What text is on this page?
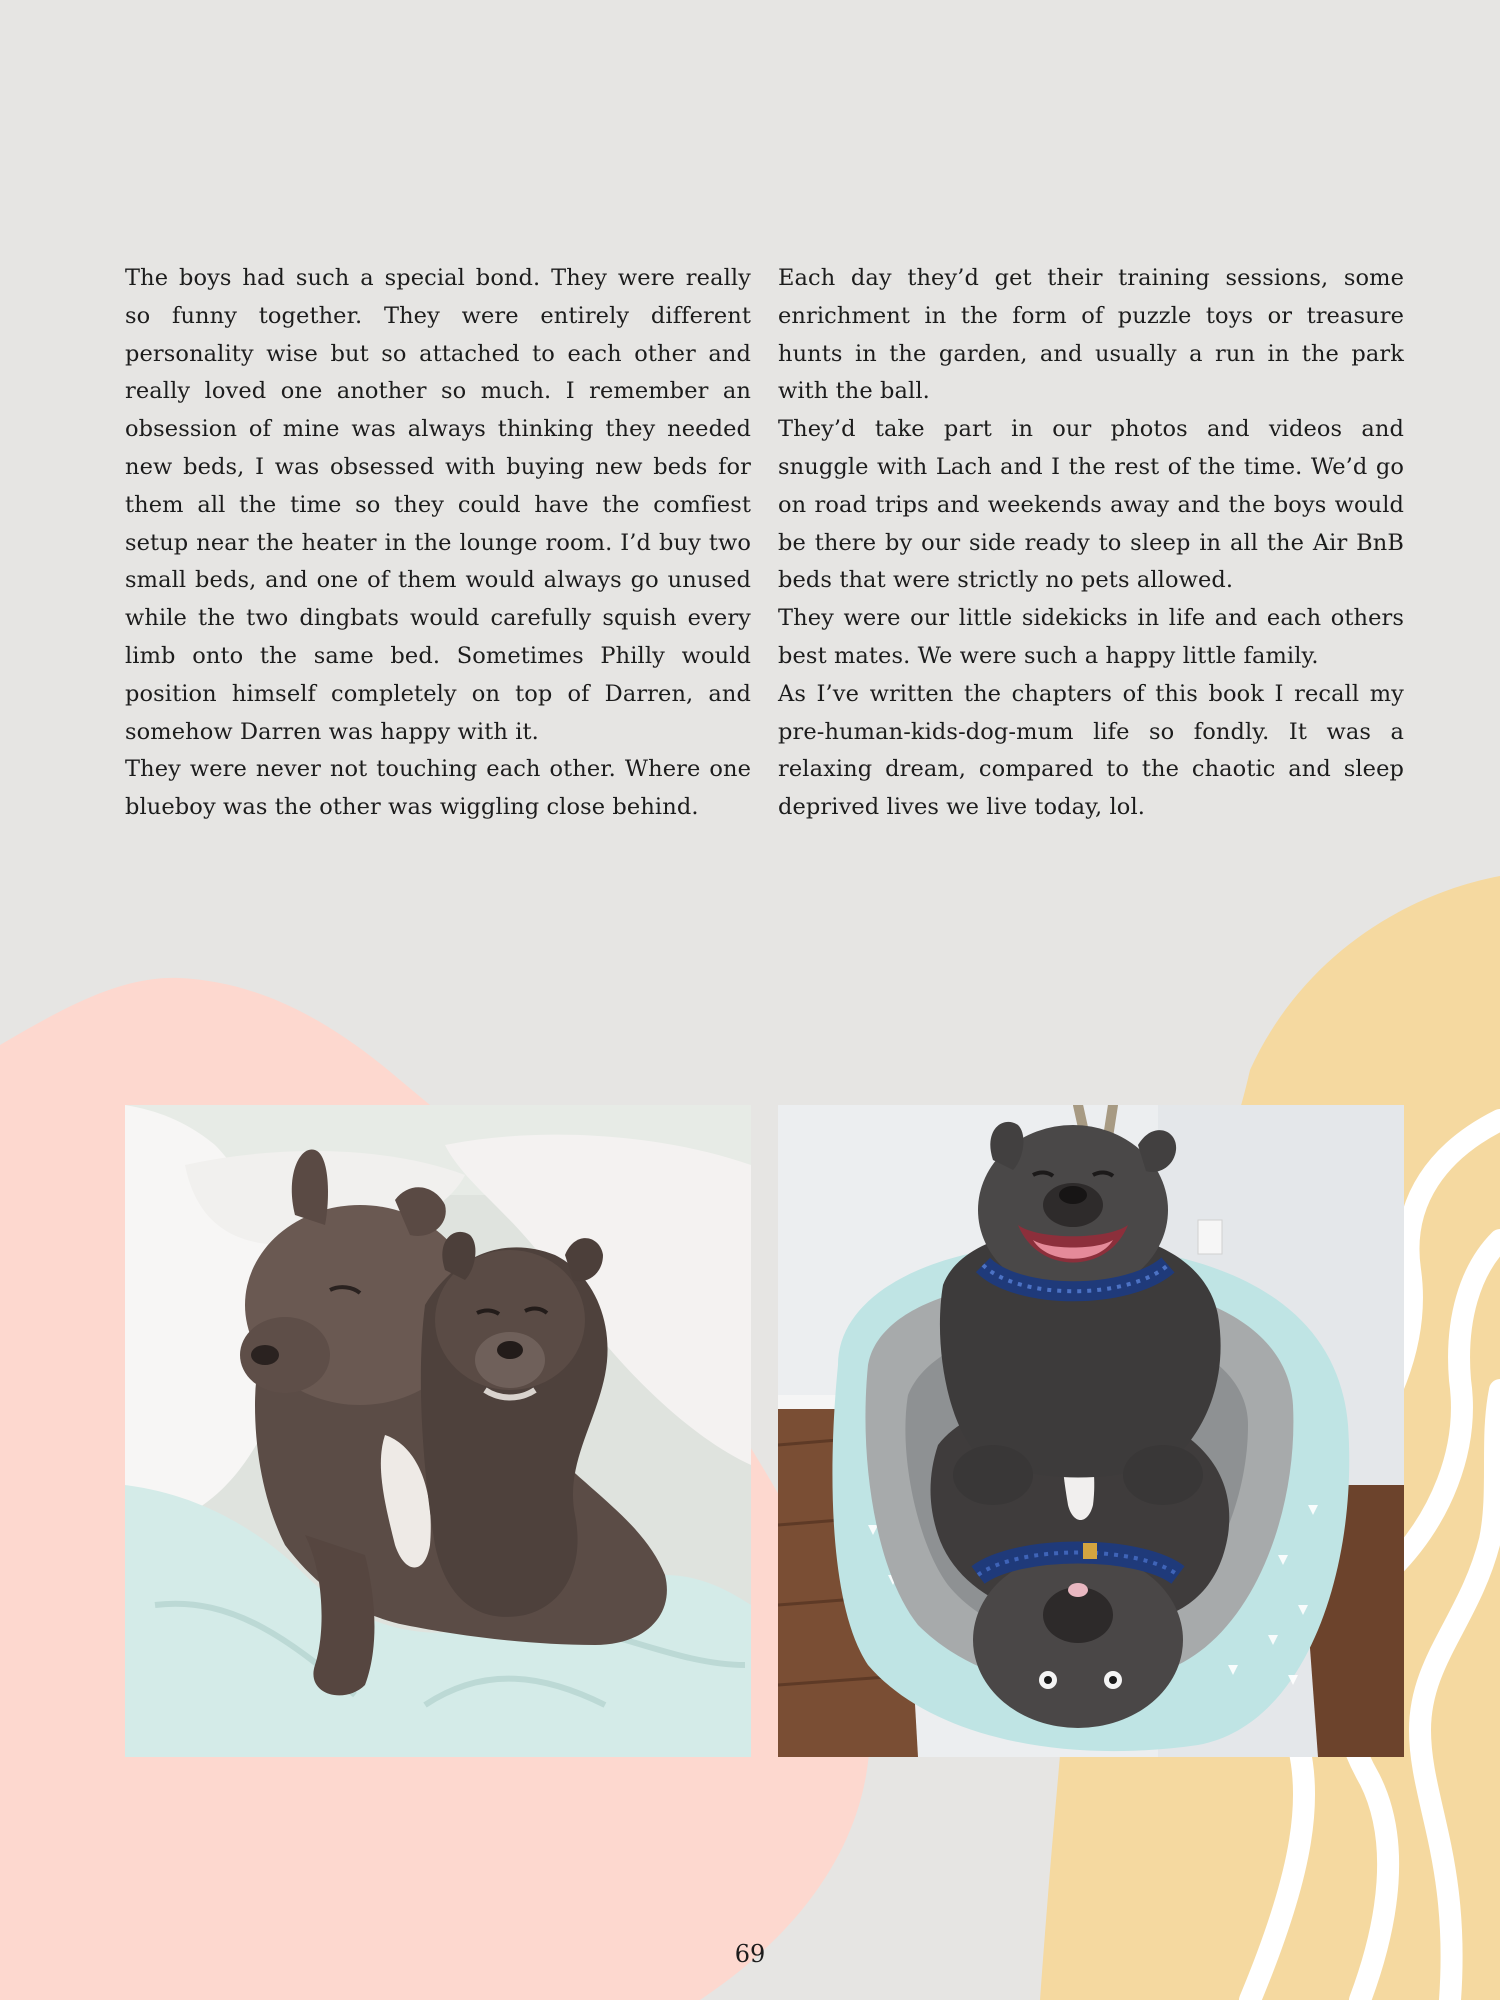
The boys had such a special bond. They were really so funny together. They were entirely different personality wise but so attached to each other and really loved one another so much. I remember an obsession of mine was always thinking they needed new beds, I was obsessed with buying new beds for them all the time so they could have the comfiest setup near the heater in the lounge room. I’d buy two small beds, and one of them would always go unused while the two dingbats would carefully squish every limb onto the same bed. Sometimes Philly would position himself completely on top of Darren, and somehow Darren was happy with it.

They were never not touching each other. Where one blueboy was the other was wiggling close behind.

Each day they’d get their training sessions, some enrichment in the form of puzzle toys or treasure hunts in the garden, and usually a run in the park with the ball.

They’d take part in our photos and videos and snuggle with Lach and I the rest of the time. We’d go on road trips and weekends away and the boys would be there by our side ready to sleep in all the Air BnB beds that were strictly no pets allowed.

They were our little sidekicks in life and each others best mates. We were such a happy little family.

As I’ve written the chapters of this book I recall my pre-human-kids-dog-mum life so fondly. It was a relaxing dream, compared to the chaotic and sleep deprived lives we live today, lol.

69
